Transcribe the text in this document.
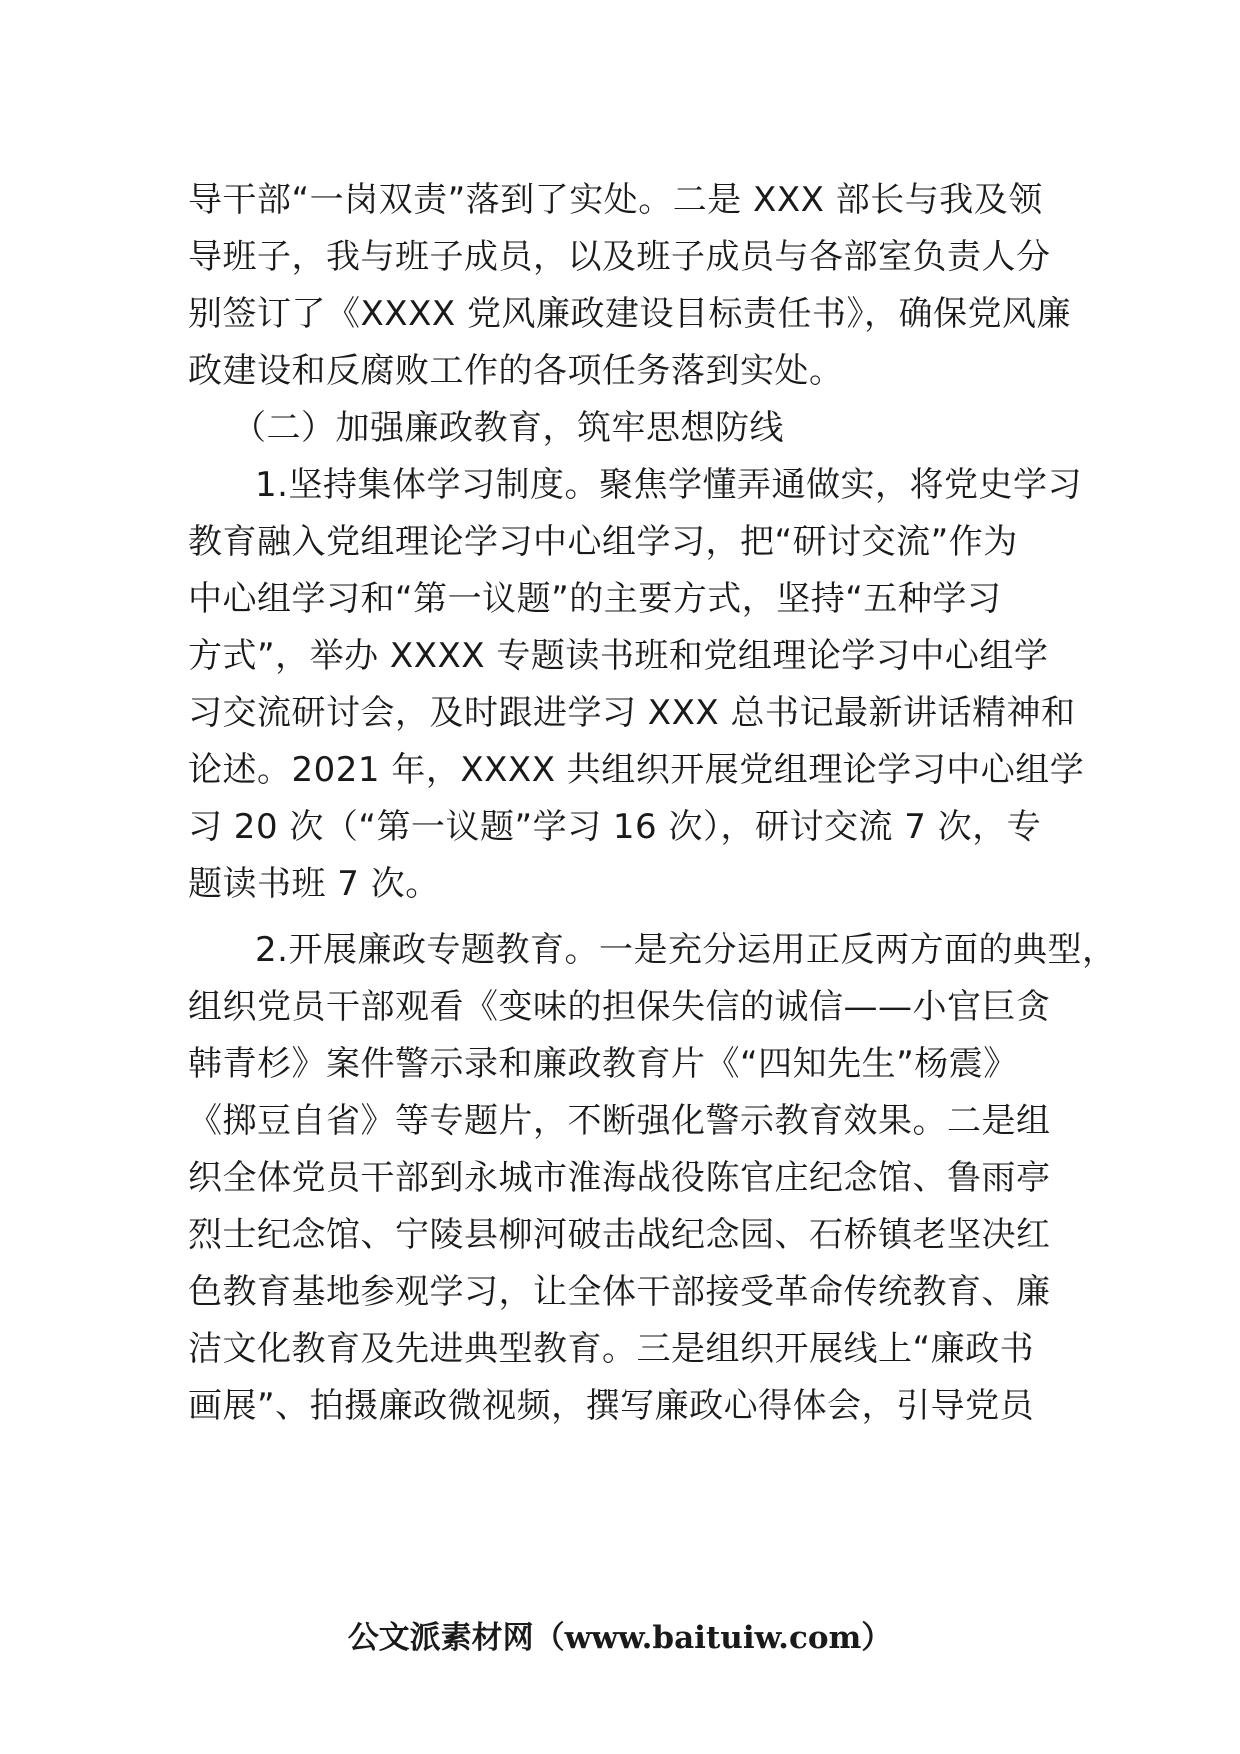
导干部“一岗双责”落到了实处。二是 XXX 部长与我及领
导班子，我与班子成员，以及班子成员与各部室负责人分
别签订了《XXXX 党风廉政建设目标责任书》，确保党风廉
政建设和反腐败工作的各项任务落到实处。
（二）加强廉政教育，筑牢思想防线
1.坚持集体学习制度。聚焦学懂弄通做实，将党史学习
教育融入党组理论学习中心组学习，把“研讨交流”作为
中心组学习和“第一议题”的主要方式，坚持“五种学习
方式”，举办 XXXX 专题读书班和党组理论学习中心组学
习交流研讨会，及时跟进学习 XXX 总书记最新讲话精神和
论述。2021 年，XXXX 共组织开展党组理论学习中心组学
习 20 次（“第一议题”学习 16 次），研讨交流 7 次，专
题读书班 7 次。
2.开展廉政专题教育。一是充分运用正反两方面的典型，
组织党员干部观看《变味的担保失信的诚信——小官巨贪
韩青杉》案件警示录和廉政教育片《“四知先生”杨震》
《掷豆自省》等专题片，不断强化警示教育效果。二是组
织全体党员干部到永城市淮海战役陈官庄纪念馆、鲁雨亭
烈士纪念馆、宁陵县柳河破击战纪念园、石桥镇老坚决红
色教育基地参观学习，让全体干部接受革命传统教育、廉
洁文化教育及先进典型教育。三是组织开展线上“廉政书
画展”、拍摄廉政微视频，撰写廉政心得体会，引导党员
公文派素材网（www.baituiw.com）
